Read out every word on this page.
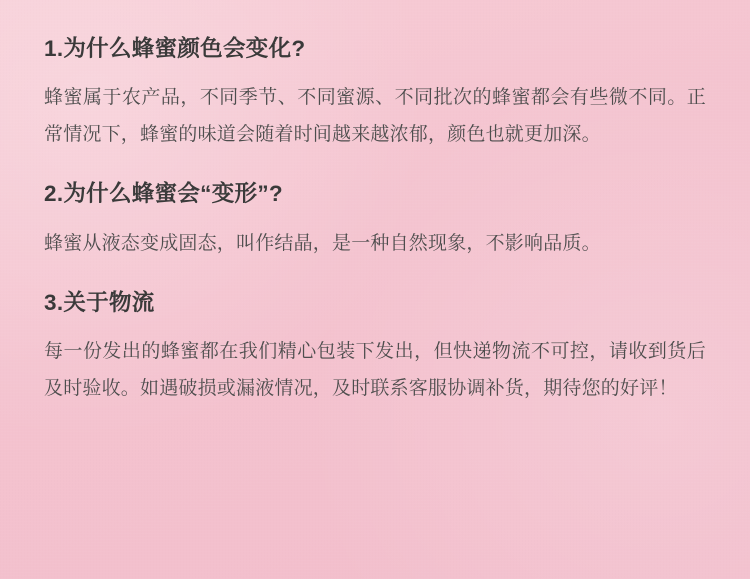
1.为什么蜂蜜颜色会变化?

蜂蜜属于农产品，不同季节、不同蜜源、不同批次的蜂蜜都会有些微不同。正常情况下，蜂蜜的味道会随着时间越来越浓郁，颜色也就更加深。

2.为什么蜂蜜会“变形”?

蜂蜜从液态变成固态，叫作结晶，是一种自然现象，不影响品质。

3.关于物流

每一份发出的蜂蜜都在我们精心包装下发出，但快递物流不可控，请收到货后及时验收。如遇破损或漏液情况，及时联系客服协调补货，期待您的好评！
